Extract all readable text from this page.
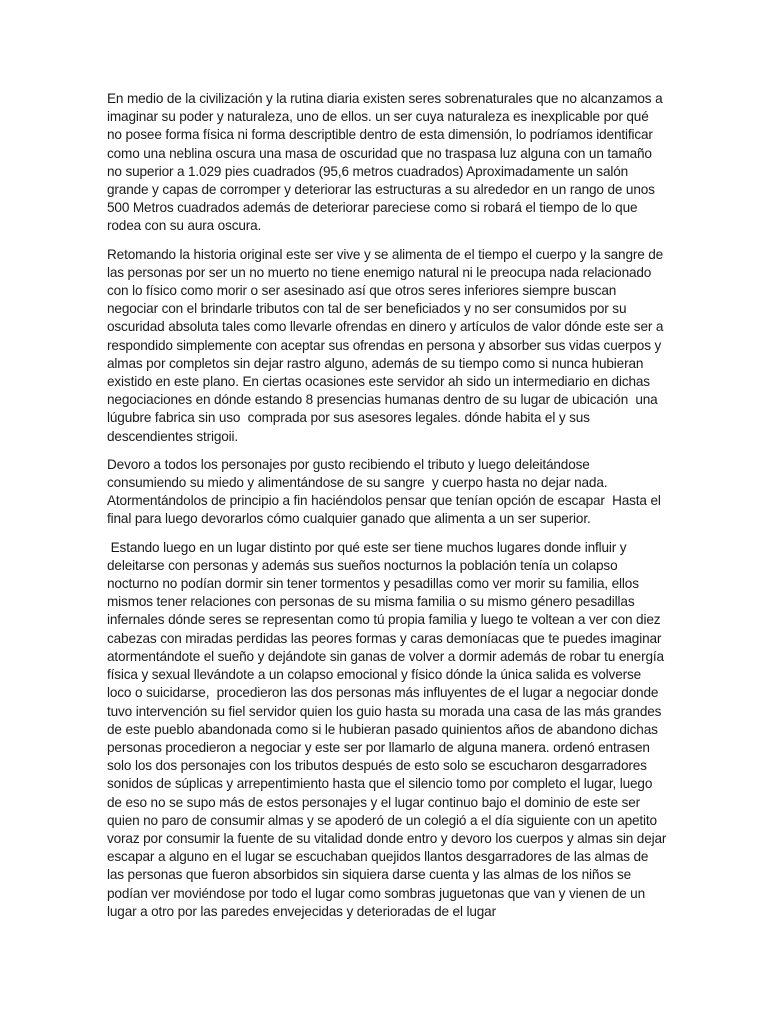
En medio de la civilización y la rutina diaria existen seres sobrenaturales que no alcanzamos a imaginar su poder y naturaleza, uno de ellos. un ser cuya naturaleza es inexplicable por qué no posee forma física ni forma descriptible dentro de esta dimensión, lo podríamos identificar como una neblina oscura una masa de oscuridad que no traspasa luz alguna con un tamaño no superior a 1.029 pies cuadrados (95,6 metros cuadrados) Aproximadamente un salón grande y capas de corromper y deteriorar las estructuras a su alrededor en un rango de unos 500 Metros cuadrados además de deteriorar pareciese como si robará el tiempo de lo que rodea con su aura oscura.

Retomando la historia original este ser vive y se alimenta de el tiempo el cuerpo y la sangre de las personas por ser un no muerto no tiene enemigo natural ni le preocupa nada relacionado con lo físico como morir o ser asesinado así que otros seres inferiores siempre buscan negociar con el brindarle tributos con tal de ser beneficiados y no ser consumidos por su oscuridad absoluta tales como llevarle ofrendas en dinero y artículos de valor dónde este ser a respondido simplemente con aceptar sus ofrendas en persona y absorber sus vidas cuerpos y almas por completos sin dejar rastro alguno, además de su tiempo como si nunca hubieran existido en este plano. En ciertas ocasiones este servidor ah sido un intermediario en dichas negociaciones en dónde estando 8 presencias humanas dentro de su lugar de ubicación  una lúgubre fabrica sin uso  comprada por sus asesores legales. dónde habita el y sus descendientes strigoii.

Devoro a todos los personajes por gusto recibiendo el tributo y luego deleitándose consumiendo su miedo y alimentándose de su sangre  y cuerpo hasta no dejar nada. Atormentándolos de principio a fin haciéndolos pensar que tenían opción de escapar  Hasta el final para luego devorarlos cómo cualquier ganado que alimenta a un ser superior.

Estando luego en un lugar distinto por qué este ser tiene muchos lugares donde influir y deleitarse con personas y además sus sueños nocturnos la población tenía un colapso nocturno no podían dormir sin tener tormentos y pesadillas como ver morir su familia, ellos mismos tener relaciones con personas de su misma familia o su mismo género pesadillas infernales dónde seres se representan como tú propia familia y luego te voltean a ver con diez cabezas con miradas perdidas las peores formas y caras demoníacas que te puedes imaginar atormentándote el sueño y dejándote sin ganas de volver a dormir además de robar tu energía física y sexual llevándote a un colapso emocional y físico dónde la única salida es volverse loco o suicidarse,  procedieron las dos personas más influyentes de el lugar a negociar donde tuvo intervención su fiel servidor quien los guio hasta su morada una casa de las más grandes de este pueblo abandonada como si le hubieran pasado quinientos años de abandono dichas personas procedieron a negociar y este ser por llamarlo de alguna manera. ordenó entrasen solo los dos personajes con los tributos después de esto solo se escucharon desgarradores sonidos de súplicas y arrepentimiento hasta que el silencio tomo por completo el lugar, luego de eso no se supo más de estos personajes y el lugar continuo bajo el dominio de este ser quien no paro de consumir almas y se apoderó de un colegió a el día siguiente con un apetito voraz por consumir la fuente de su vitalidad donde entro y devoro los cuerpos y almas sin dejar escapar a alguno en el lugar se escuchaban quejidos llantos desgarradores de las almas de las personas que fueron absorbidos sin siquiera darse cuenta y las almas de los niños se podían ver moviéndose por todo el lugar como sombras juguetonas que van y vienen de un lugar a otro por las paredes envejecidas y deterioradas de el lugar
